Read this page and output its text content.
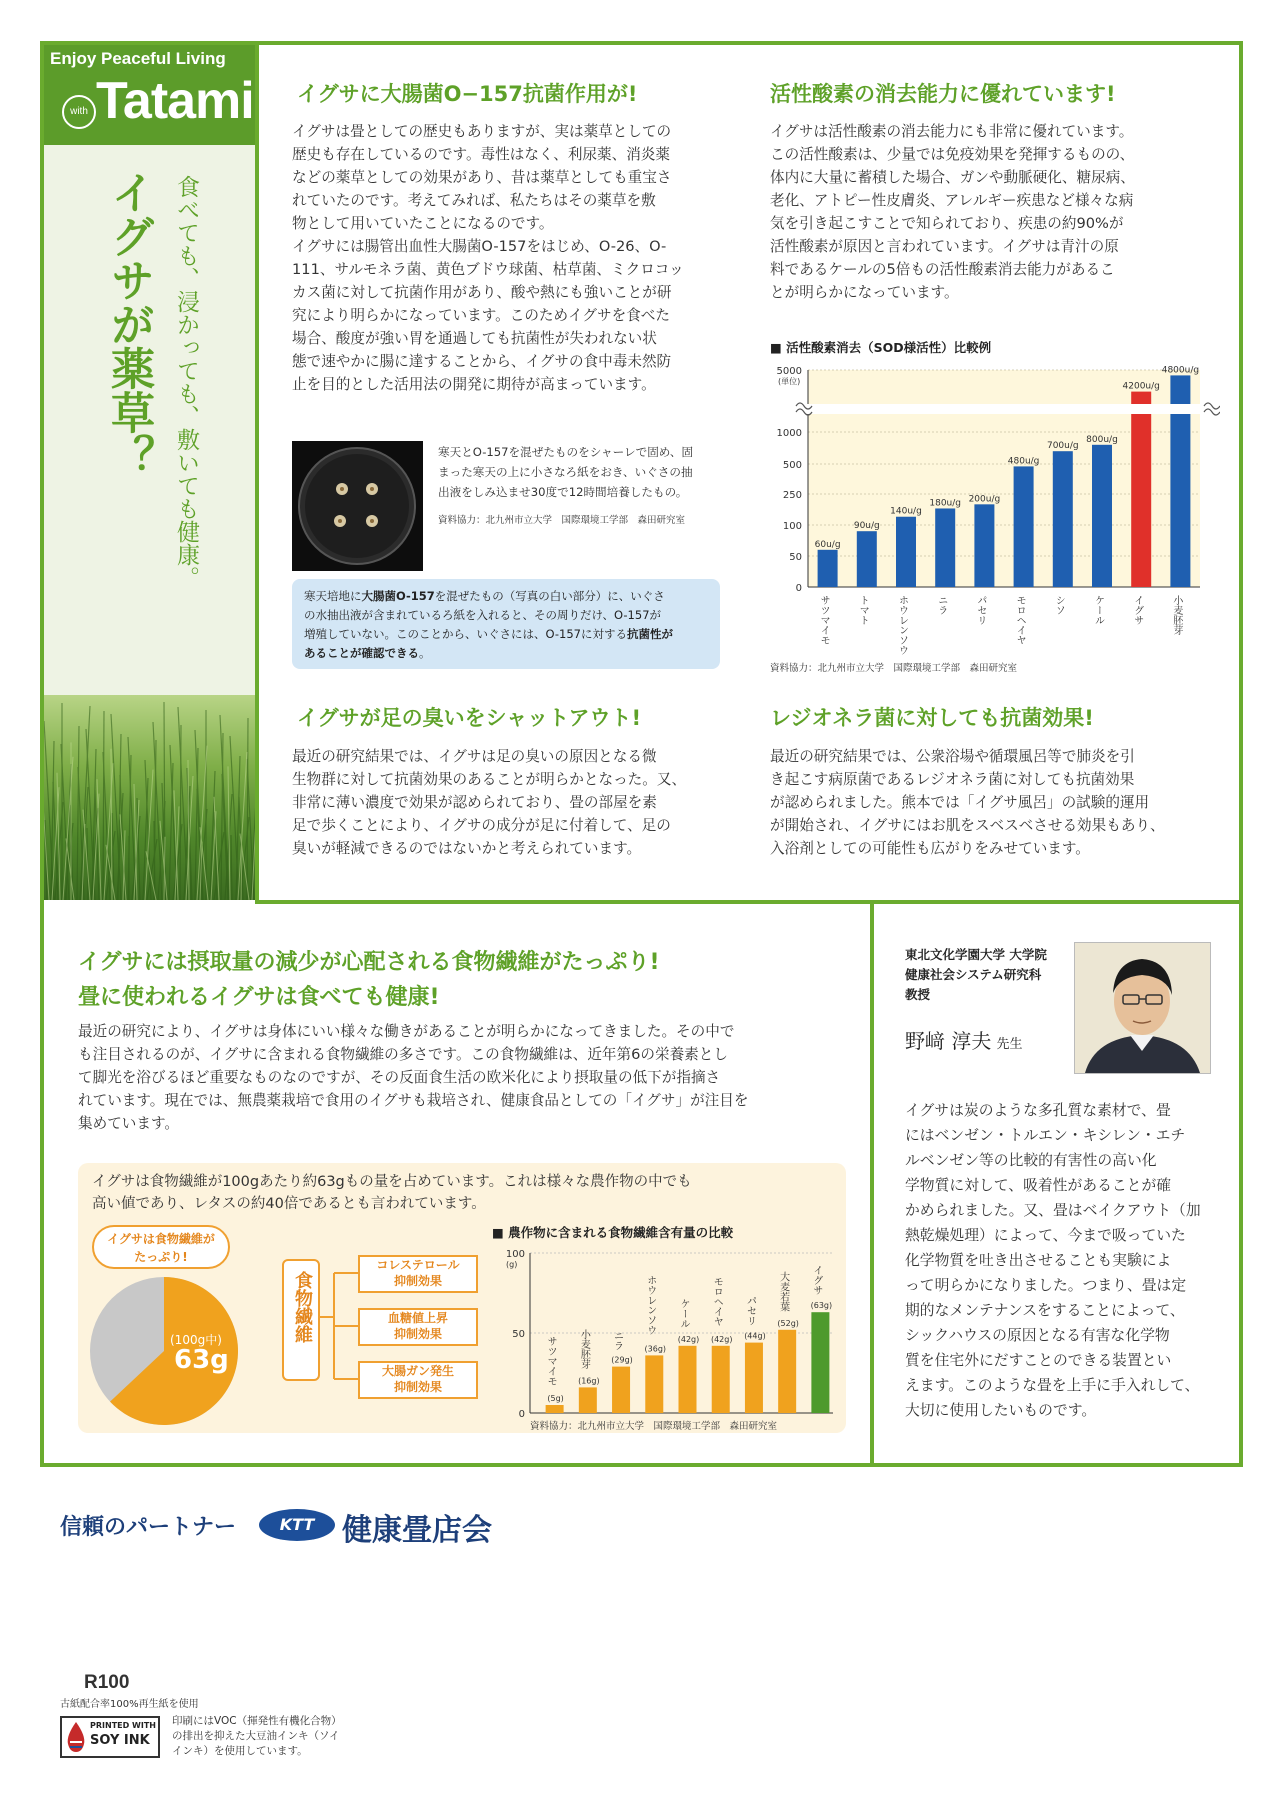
Enjoy Peaceful Living
with Tatami
イグサが薬草？ 食べても、浸かっても、敷いても健康。
イグサに大腸菌O−157抗菌作用が!
イグサは畳としての歴史もありますが、実は薬草としての
歴史も存在しているのです。毒性はなく、利尿薬、消炎薬
などの薬草としての効果があり、昔は薬草としても重宝さ
れていたのです。考えてみれば、私たちはその薬草を敷
物として用いていたことになるのです。
イグサには腸管出血性大腸菌O-157をはじめ、O-26、O-
111、サルモネラ菌、黄色ブドウ球菌、枯草菌、ミクロコッ
カス菌に対して抗菌作用があり、酸や熱にも強いことが研
究により明らかになっています。このためイグサを食べた
場合、酸度が強い胃を通過しても抗菌性が失われない状
態で速やかに腸に達することから、イグサの食中毒未然防
止を目的とした活用法の開発に期待が高まっています。
寒天とO-157を混ぜたものをシャーレで固め、固
まった寒天の上に小さなろ紙をおき、いぐさの抽
出液をしみ込ませ30度で12時間培養したもの。
資料協力：北九州市立大学　国際環境工学部　森田研究室
寒天培地に大腸菌O-157を混ぜたもの（写真の白い部分）に、いぐさ
の水抽出液が含まれているろ紙を入れると、その周りだけ、O-157が
増殖していない。このことから、いぐさには、O-157に対する抗菌性が
あることが確認できる。
活性酸素の消去能力に優れています!
イグサは活性酸素の消去能力にも非常に優れています。
この活性酸素は、少量では免疫効果を発揮するものの、
体内に大量に蓄積した場合、ガンや動脈硬化、糖尿病、
老化、アトピー性皮膚炎、アレルギー疾患など様々な病
気を引き起こすことで知られており、疾患の約90%が
活性酸素が原因と言われています。イグサは青汁の原
料であるケールの5倍もの活性酸素消去能力があるこ
とが明らかになっています。
■ 活性酸素消去（SOD様活性）比較例
0
50
100
250
500
1000
5000
(単位)
60u/g
サツマイモ
90u/g
トマト
140u/g
ホウレンソウ
180u/g
ニラ
200u/g
パセリ
480u/g
モロヘイヤ
700u/g
シソ
800u/g
ケール
4200u/g
イグサ
4800u/g
小麦胚芽
資料協力：北九州市立大学　国際環境工学部　森田研究室
イグサが足の臭いをシャットアウト!
最近の研究結果では、イグサは足の臭いの原因となる微
生物群に対して抗菌効果のあることが明らかとなった。又、
非常に薄い濃度で効果が認められており、畳の部屋を素
足で歩くことにより、イグサの成分が足に付着して、足の
臭いが軽減できるのではないかと考えられています。
レジオネラ菌に対しても抗菌効果!
最近の研究結果では、公衆浴場や循環風呂等で肺炎を引
き起こす病原菌であるレジオネラ菌に対しても抗菌効果
が認められました。熊本では「イグサ風呂」の試験的運用
が開始され、イグサにはお肌をスベスベさせる効果もあり、
入浴剤としての可能性も広がりをみせています。
イグサには摂取量の減少が心配される食物繊維がたっぷり!
畳に使われるイグサは食べても健康!
最近の研究により、イグサは身体にいい様々な働きがあることが明らかになってきました。その中で
も注目されるのが、イグサに含まれる食物繊維の多さです。この食物繊維は、近年第6の栄養素とし
て脚光を浴びるほど重要なものなのですが、その反面食生活の欧米化により摂取量の低下が指摘さ
れています。現在では、無農薬栽培で食用のイグサも栽培され、健康食品としての「イグサ」が注目を
集めています。
イグサは食物繊維が100gあたり約63gもの量を占めています。これは様々な農作物の中でも
高い値であり、レタスの約40倍であるとも言われています。
イグサは食物繊維が
たっぷり!
(100g中)
63g
食物繊維
コレステロール
抑制効果
血糖値上昇
抑制効果
大腸ガン発生
抑制効果
■ 農作物に含まれる食物繊維含有量の比較
0
50
100
(g)
(5g)
サツマイモ	(16g)
小麦胚芽	(29g)
ニラ	(36g)
ホウレンソウ
(42g)
ケール
(42g)
モロヘイヤ
(44g)
パセリ	(52g)
大麦若葉	(63g)
イグサ
資料協力：北九州市立大学　国際環境工学部　森田研究室
東北文化学園大学 大学院
健康社会システム研究科
教授
野﨑 淳夫 先生
イグサは炭のような多孔質な素材で、畳
にはベンゼン・トルエン・キシレン・エチ
ルベンゼン等の比較的有害性の高い化
学物質に対して、吸着性があることが確
かめられました。又、畳はベイクアウト（加
熱乾燥処理）によって、今まで吸っていた
化学物質を吐き出させることも実験によ
って明らかになりました。つまり、畳は定
期的なメンテナンスをすることによって、
シックハウスの原因となる有害な化学物
質を住宅外にだすことのできる装置とい
えます。このような畳を上手に手入れして、
大切に使用したいものです。
信頼のパートナー	KTT 健康畳店会
R100
古紙配合率100%再生紙を使用
PRINTED WITH
SOY INK
印刷にはVOC（揮発性有機化合物）
の排出を抑えた大豆油インキ（ソイ
インキ）を使用しています。
